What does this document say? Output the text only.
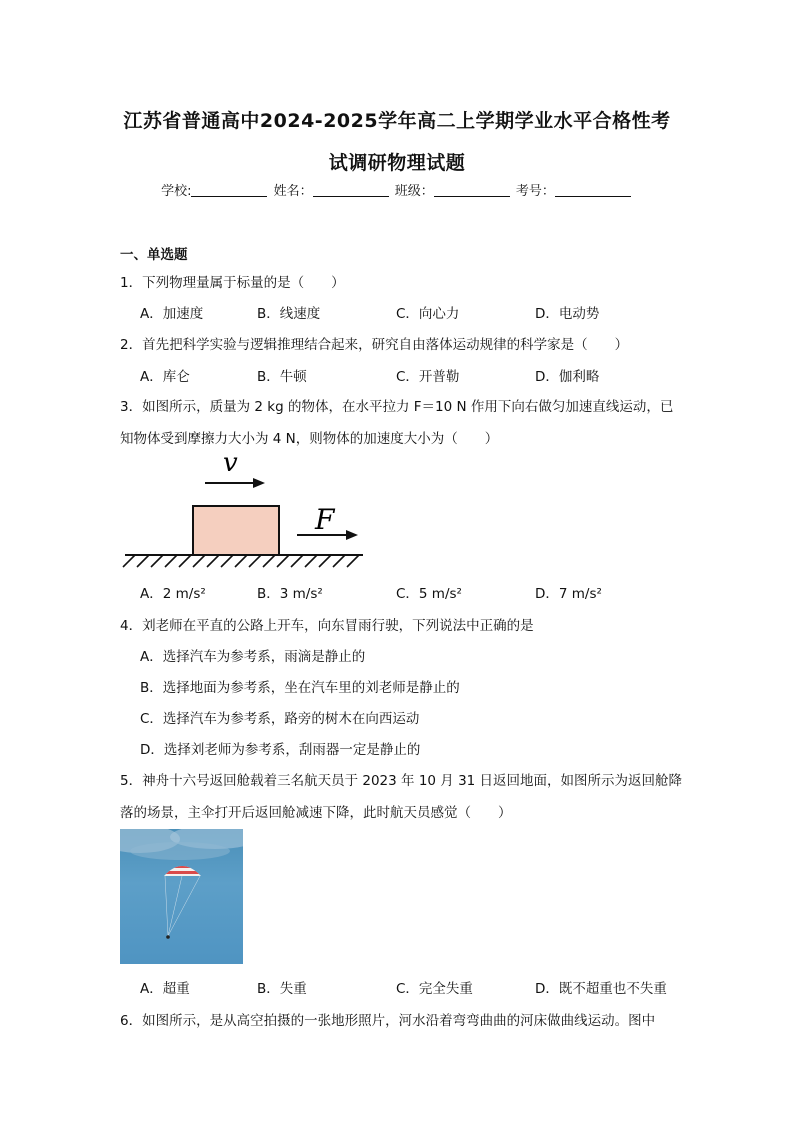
江苏省普通高中2024-2025学年高二上学期学业水平合格性考
试调研物理试题
学校:	姓名：	班级：	考号：
一、单选题
1．下列物理量属于标量的是（　　）
A．加速度	B．线速度	C．向心力	D．电动势
2．首先把科学实验与逻辑推理结合起来，研究自由落体运动规律的科学家是（　　）
A．库仑	B．牛顿	C．开普勒	D．伽利略
3．如图所示，质量为 2 kg 的物体，在水平拉力 F＝10 N 作用下向右做匀加速直线运动，已
知物体受到摩擦力大小为 4 N，则物体的加速度大小为（　　）
v
F
A．2 m/s²	B．3 m/s²	C．5 m/s²	D．7 m/s²
4．刘老师在平直的公路上开车，向东冒雨行驶，下列说法中正确的是
A．选择汽车为参考系，雨滴是静止的
B．选择地面为参考系，坐在汽车里的刘老师是静止的
C．选择汽车为参考系，路旁的树木在向西运动
D．选择刘老师为参考系，刮雨器一定是静止的
5．神舟十六号返回舱载着三名航天员于 2023 年 10 月 31 日返回地面，如图所示为返回舱降
落的场景，主伞打开后返回舱减速下降，此时航天员感觉（　　）
A．超重	B．失重	C．完全失重	D．既不超重也不失重
6．如图所示，是从高空拍摄的一张地形照片，河水沿着弯弯曲曲的河床做曲线运动。图中
